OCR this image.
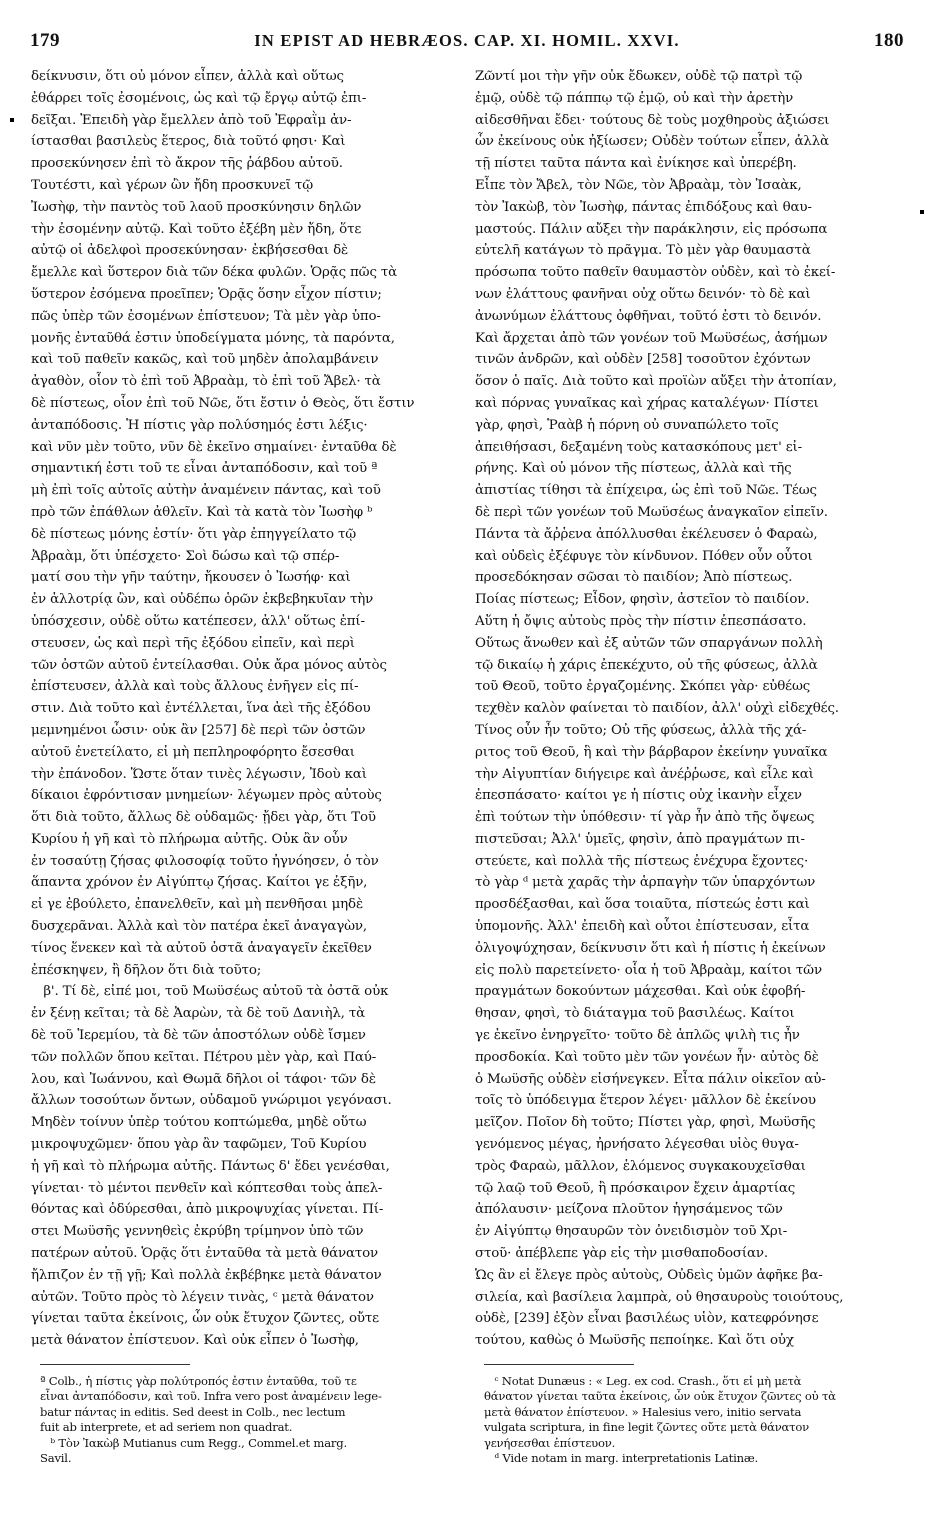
179	IN EPIST AD HEBRÆOS. CAP. XI. HOMIL. XXVI.	180
δείκνυσιν, ὅτι οὐ μόνον εἶπεν, ἀλλὰ καὶ οὕτως
ἐθάρρει τοῖς ἐσομένοις, ὡς καὶ τῷ ἔργῳ αὐτῷ ἐπι-
δεῖξαι. Ἐπειδὴ γὰρ ἔμελλεν ἀπὸ τοῦ Ἐφραῒμ ἀν-
ίστασθαι βασιλεὺς ἕτερος, διὰ τοῦτό φησι· Καὶ
προσεκύνησεν ἐπὶ τὸ ἄκρον τῆς ῥάβδου αὐτοῦ.
Τουτέστι, καὶ γέρων ὢν ἤδη προσκυνεῖ τῷ
Ἰωσὴφ, τὴν παντὸς τοῦ λαοῦ προσκύνησιν δηλῶν
τὴν ἐσομένην αὐτῷ. Καὶ τοῦτο ἐξέβη μὲν ἤδη, ὅτε
αὐτῷ οἱ ἀδελφοὶ προσεκύνησαν· ἐκβήσεσθαι δὲ
ἔμελλε καὶ ὕστερον διὰ τῶν δέκα φυλῶν. Ὁρᾷς πῶς τὰ
ὕστερον ἐσόμενα προεῖπεν; Ὁρᾷς ὅσην εἶχον πίστιν;
πῶς ὑπὲρ τῶν ἐσομένων ἐπίστευον; Τὰ μὲν γὰρ ὑπο-
μονῆς ἐνταῦθά ἐστιν ὑποδείγματα μόνης, τὰ παρόντα,
καὶ τοῦ παθεῖν κακῶς, καὶ τοῦ μηδὲν ἀπολαμβάνειν
ἀγαθὸν, οἷον τὸ ἐπὶ τοῦ Ἀβραὰμ, τὸ ἐπὶ τοῦ Ἄβελ· τὰ
δὲ πίστεως, οἷον ἐπὶ τοῦ Νῶε, ὅτι ἔστιν ὁ Θεὸς, ὅτι ἔστιν
ἀνταπόδοσις. Ἡ πίστις γὰρ πολύσημός ἐστι λέξις·
καὶ νῦν μὲν τοῦτο, νῦν δὲ ἐκεῖνο σημαίνει· ἐνταῦθα δὲ
σημαντική ἐστι τοῦ τε εἶναι ἀνταπόδοσιν, καὶ τοῦ ª
μὴ ἐπὶ τοῖς αὐτοῖς αὐτὴν ἀναμένειν πάντας, καὶ τοῦ
πρὸ τῶν ἐπάθλων ἀθλεῖν. Καὶ τὰ κατὰ τὸν Ἰωσὴφ ᵇ
δὲ πίστεως μόνης ἐστίν· ὅτι γὰρ ἐπηγγείλατο τῷ
Ἀβραὰμ, ὅτι ὑπέσχετο· Σοὶ δώσω καὶ τῷ σπέρ-
ματί σου τὴν γῆν ταύτην, ἤκουσεν ὁ Ἰωσήφ· καὶ
ἐν ἀλλοτρίᾳ ὢν, καὶ οὐδέπω ὁρῶν ἐκβεβηκυῖαν τὴν
ὑπόσχεσιν, οὐδὲ οὕτω κατέπεσεν, ἀλλ' οὕτως ἐπί-
στευσεν, ὡς καὶ περὶ τῆς ἐξόδου εἰπεῖν, καὶ περὶ
τῶν ὀστῶν αὐτοῦ ἐντείλασθαι. Οὐκ ἄρα μόνος αὐτὸς
ἐπίστευσεν, ἀλλὰ καὶ τοὺς ἄλλους ἐνῆγεν εἰς πί-
στιν. Διὰ τοῦτο καὶ ἐντέλλεται, ἵνα ἀεὶ τῆς ἐξόδου
μεμνημένοι ὦσιν· οὐκ ἂν [257] δὲ περὶ τῶν ὀστῶν
αὐτοῦ ἐνετείλατο, εἰ μὴ πεπληροφόρητο ἔσεσθαι
τὴν ἐπάνοδον. Ὥστε ὅταν τινὲς λέγωσιν, Ἰδοὺ καὶ
δίκαιοι ἐφρόντισαν μνημείων· λέγωμεν πρὸς αὐτοὺς
ὅτι διὰ τοῦτο, ἄλλως δὲ οὐδαμῶς· ᾔδει γὰρ, ὅτι Τοῦ
Κυρίου ἡ γῆ καὶ τὸ πλήρωμα αὐτῆς. Οὐκ ἂν οὖν
ἐν τοσαύτῃ ζήσας φιλοσοφίᾳ τοῦτο ἠγνόησεν, ὁ τὸν
ἅπαντα χρόνον ἐν Αἰγύπτῳ ζήσας. Καίτοι γε ἐξῆν,
εἰ γε ἐβούλετο, ἐπανελθεῖν, καὶ μὴ πενθῆσαι μηδὲ
δυσχερᾶναι. Ἀλλὰ καὶ τὸν πατέρα ἐκεῖ ἀναγαγὼν,
τίνος ἕνεκεν καὶ τὰ αὐτοῦ ὀστᾶ ἀναγαγεῖν ἐκεῖθεν
ἐπέσκηψεν, ἢ δῆλον ὅτι διὰ τοῦτο;
β'. Τί δὲ, εἰπέ μοι, τοῦ Μωϋσέως αὐτοῦ τὰ ὀστᾶ οὐκ
ἐν ξένῃ κεῖται; τὰ δὲ Ἀαρὼν, τὰ δὲ τοῦ Δανιὴλ, τὰ
δὲ τοῦ Ἱερεμίου, τὰ δὲ τῶν ἀποστόλων οὐδὲ ἴσμεν
τῶν πολλῶν ὅπου κεῖται. Πέτρου μὲν γὰρ, καὶ Παύ-
λου, καὶ Ἰωάννου, καὶ Θωμᾶ δῆλοι οἱ τάφοι· τῶν δὲ
ἄλλων τοσούτων ὄντων, οὐδαμοῦ γνώριμοι γεγόνασι.
Μηδὲν τοίνυν ὑπὲρ τούτου κοπτώμεθα, μηδὲ οὕτω
μικροψυχῶμεν· ὅπου γὰρ ἂν ταφῶμεν, Τοῦ Κυρίου
ἡ γῆ καὶ τὸ πλήρωμα αὐτῆς. Πάντως δ' ἔδει γενέσθαι,
γίνεται· τὸ μέντοι πενθεῖν καὶ κόπτεσθαι τοὺς ἀπελ-
θόντας καὶ ὀδύρεσθαι, ἀπὸ μικροψυχίας γίνεται. Πί-
στει Μωϋσῆς γεννηθεὶς ἐκρύβη τρίμηνον ὑπὸ τῶν
πατέρων αὐτοῦ. Ὁρᾷς ὅτι ἐνταῦθα τὰ μετὰ θάνατον
ἤλπιζον ἐν τῇ γῇ; Καὶ πολλὰ ἐκβέβηκε μετὰ θάνατον
αὐτῶν. Τοῦτο πρὸς τὸ λέγειν τινὰς, ᶜ μετὰ θάνατον
γίνεται ταῦτα ἐκείνοις, ὧν οὐκ ἔτυχον ζῶντες, οὔτε
μετὰ θάνατον ἐπίστευον. Καὶ οὐκ εἶπεν ὁ Ἰωσὴφ,
Ζῶντί μοι τὴν γῆν οὐκ ἔδωκεν, οὐδὲ τῷ πατρὶ τῷ
ἐμῷ, οὐδὲ τῷ πάππῳ τῷ ἐμῷ, οὐ καὶ τὴν ἀρετὴν
αἰδεσθῆναι ἔδει· τούτους δὲ τοὺς μοχθηροὺς ἀξιώσει
ὧν ἐκείνους οὐκ ἠξίωσεν; Οὐδὲν τούτων εἶπεν, ἀλλὰ
τῇ πίστει ταῦτα πάντα καὶ ἐνίκησε καὶ ὑπερέβη.
Εἶπε τὸν Ἄβελ, τὸν Νῶε, τὸν Ἀβραὰμ, τὸν Ἰσαὰκ,
τὸν Ἰακὼβ, τὸν Ἰωσὴφ, πάντας ἐπιδόξους καὶ θαυ-
μαστούς. Πάλιν αὔξει τὴν παράκλησιν, εἰς πρόσωπα
εὐτελῆ κατάγων τὸ πρᾶγμα. Τὸ μὲν γὰρ θαυμαστὰ
πρόσωπα τοῦτο παθεῖν θαυμαστὸν οὐδὲν, καὶ τὸ ἐκεί-
νων ἐλάττους φανῆναι οὐχ οὕτω δεινόν· τὸ δὲ καὶ
ἀνωνύμων ἐλάττους ὀφθῆναι, τοῦτό ἐστι τὸ δεινόν.
Καὶ ἄρχεται ἀπὸ τῶν γονέων τοῦ Μωϋσέως, ἀσήμων
τινῶν ἀνδρῶν, καὶ οὐδὲν [258] τοσοῦτον ἐχόντων
ὅσον ὁ παῖς. Διὰ τοῦτο καὶ προϊὼν αὔξει τὴν ἀτοπίαν,
καὶ πόρνας γυναῖκας καὶ χήρας καταλέγων· Πίστει
γὰρ, φησὶ, Ῥαὰβ ἡ πόρνη οὐ συναπώλετο τοῖς
ἀπειθήσασι, δεξαμένη τοὺς κατασκόπους μετ' εἰ-
ρήνης. Καὶ οὐ μόνον τῆς πίστεως, ἀλλὰ καὶ τῆς
ἀπιστίας τίθησι τὰ ἐπίχειρα, ὡς ἐπὶ τοῦ Νῶε. Τέως
δὲ περὶ τῶν γονέων τοῦ Μωϋσέως ἀναγκαῖον εἰπεῖν.
Πάντα τὰ ἄῤῥενα ἀπόλλυσθαι ἐκέλευσεν ὁ Φαραὼ,
καὶ οὐδεὶς ἐξέφυγε τὸν κίνδυνον. Πόθεν οὖν οὗτοι
προσεδόκησαν σῶσαι τὸ παιδίον; Ἀπὸ πίστεως.
Ποίας πίστεως; Εἶδον, φησὶν, ἀστεῖον τὸ παιδίον.
Αὕτη ἡ ὄψις αὐτοὺς πρὸς τὴν πίστιν ἐπεσπάσατο.
Οὕτως ἄνωθεν καὶ ἐξ αὐτῶν τῶν σπαργάνων πολλὴ
τῷ δικαίῳ ἡ χάρις ἐπεκέχυτο, οὐ τῆς φύσεως, ἀλλὰ
τοῦ Θεοῦ, τοῦτο ἐργαζομένης. Σκόπει γὰρ· εὐθέως
τεχθὲν καλὸν φαίνεται τὸ παιδίον, ἀλλ' οὐχὶ εἰδεχθές.
Τίνος οὖν ἦν τοῦτο; Οὐ τῆς φύσεως, ἀλλὰ τῆς χά-
ριτος τοῦ Θεοῦ, ἣ καὶ τὴν βάρβαρον ἐκείνην γυναῖκα
τὴν Αἰγυπτίαν διήγειρε καὶ ἀνέῤῥωσε, καὶ εἷλε καὶ
ἐπεσπάσατο· καίτοι γε ἡ πίστις οὐχ ἱκανὴν εἶχεν
ἐπὶ τούτων τὴν ὑπόθεσιν· τί γὰρ ἦν ἀπὸ τῆς ὄψεως
πιστεῦσαι; Ἀλλ' ὑμεῖς, φησὶν, ἀπὸ πραγμάτων πι-
στεύετε, καὶ πολλὰ τῆς πίστεως ἐνέχυρα ἔχοντες·
τὸ γὰρ ᵈ μετὰ χαρᾶς τὴν ἁρπαγὴν τῶν ὑπαρχόντων
προσδέξασθαι, καὶ ὅσα τοιαῦτα, πίστεώς ἐστι καὶ
ὑπομονῆς. Ἀλλ' ἐπειδὴ καὶ οὗτοι ἐπίστευσαν, εἶτα
ὀλιγοψύχησαν, δείκνυσιν ὅτι καὶ ἡ πίστις ἡ ἐκείνων
εἰς πολὺ παρετείνετο· οἷα ἡ τοῦ Ἀβραὰμ, καίτοι τῶν
πραγμάτων δοκούντων μάχεσθαι. Καὶ οὐκ ἐφοβή-
θησαν, φησὶ, τὸ διάταγμα τοῦ βασιλέως. Καίτοι
γε ἐκεῖνο ἐνηργεῖτο· τοῦτο δὲ ἁπλῶς ψιλὴ τις ἦν
προσδοκία. Καὶ τοῦτο μὲν τῶν γονέων ἦν· αὐτὸς δὲ
ὁ Μωϋσῆς οὐδὲν εἰσήνεγκεν. Εἶτα πάλιν οἰκεῖον αὐ-
τοῖς τὸ ὑπόδειγμα ἕτερον λέγει· μᾶλλον δὲ ἐκείνου
μεῖζον. Ποῖον δὴ τοῦτο; Πίστει γὰρ, φησὶ, Μωϋσῆς
γενόμενος μέγας, ἠρνήσατο λέγεσθαι υἱὸς θυγα-
τρὸς Φαραὼ, μᾶλλον, ἑλόμενος συγκακουχεῖσθαι
τῷ λαῷ τοῦ Θεοῦ, ἢ πρόσκαιρον ἔχειν ἁμαρτίας
ἀπόλαυσιν· μείζονα πλοῦτον ἡγησάμενος τῶν
ἐν Αἰγύπτῳ θησαυρῶν τὸν ὀνειδισμὸν τοῦ Χρι-
στοῦ· ἀπέβλεπε γὰρ εἰς τὴν μισθαποδοσίαν.
Ὡς ἂν εἰ ἔλεγε πρὸς αὐτοὺς, Οὐδεὶς ὑμῶν ἀφῆκε βα-
σιλεία, καὶ βασίλεια λαμπρὰ, οὐ θησαυροὺς τοιούτους,
οὐδὲ, [239] ἐξὸν εἶναι βασιλέως υἱὸν, κατεφρόνησε
τούτου, καθὼς ὁ Μωϋσῆς πεποίηκε. Καὶ ὅτι οὐχ
ª Colb., ἡ πίστις γὰρ πολύτροπός ἐστιν ἐνταῦθα, τοῦ τε
εἶναι ἀνταπόδοσιν, καὶ τοῦ. Infra vero post ἀναμένειν lege-
batur πάντας in editis. Sed deest in Colb., nec lectum
fuit ab interprete, et ad seriem non quadrat.
ᵇ Τὸν Ἰακὼβ Mutianus cum Regg., Commel.et marg.
Savil.
ᶜ Notat Dunæus : « Leg. ex cod. Crash., ὅτι εἰ μὴ μετὰ
θάνατον γίνεται ταῦτα ἐκείνοις, ὧν οὐκ ἔτυχον ζῶντες οὐ τὰ
μετὰ θάνατον ἐπίστευον. » Halesius vero, initio servata
vulgata scriptura, in fine legit ζῶντες οὔτε μετὰ θάνατον
γενήσεσθαι ἐπίστευον.
ᵈ Vide notam in marg. interpretationis Latinæ.
